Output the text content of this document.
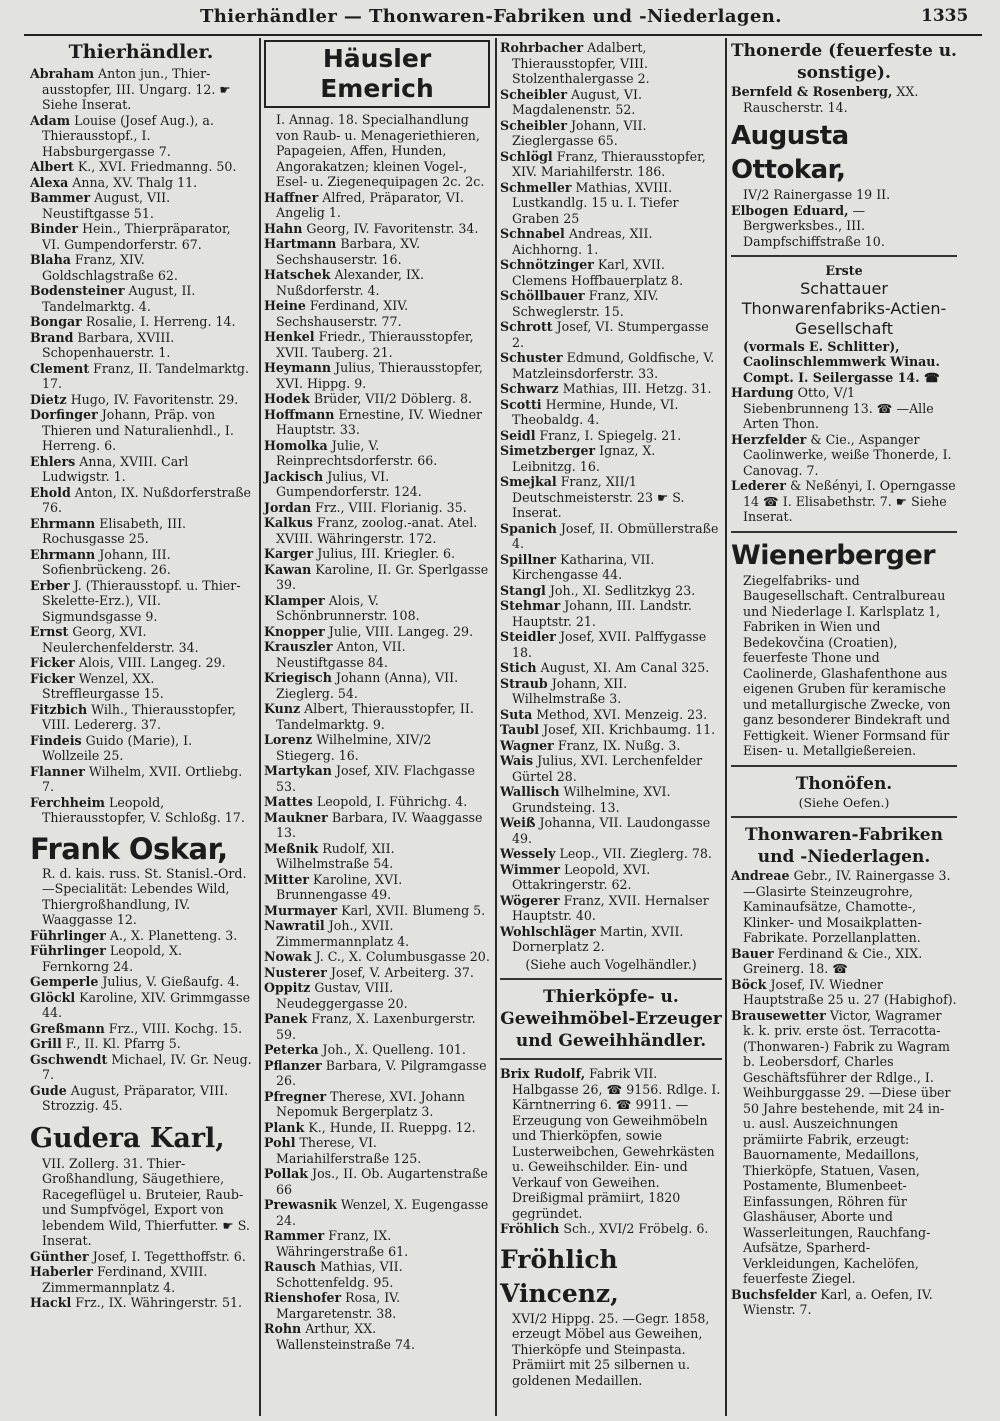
Thierhändler — Thonwaren-Fabriken und -Niederlagen.	1335
Thierhändler.

Abraham Anton jun., Thier-ausstopfer, III. Ungarg. 12. ☛ Siehe Inserat.

Adam Louise (Josef Aug.), a. Thierausstopf., I. Habsburgergasse 7.

Albert K., XVI. Friedmanng. 50.

Alexa Anna, XV. Thalg 11.

Bammer August, VII. Neustiftgasse 51.

Binder Hein., Thierpräparator, VI. Gumpendorferstr. 67.

Blaha Franz, XIV. Goldschlagstraße 62.

Bodensteiner August, II. Tandelmarktg. 4.

Bongar Rosalie, I. Herreng. 14.

Brand Barbara, XVIII. Schopenhauerstr. 1.

Clement Franz, II. Tandelmarktg. 17.

Dietz Hugo, IV. Favoritenstr. 29.

Dorfinger Johann, Präp. von Thieren und Naturalienhdl., I. Herreng. 6.

Ehlers Anna, XVIII. Carl Ludwigstr. 1.

Ehold Anton, IX. Nußdorferstraße 76.

Ehrmann Elisabeth, III. Rochusgasse 25.

Ehrmann Johann, III. Sofienbrückeng. 26.

Erber J. (Thierausstopf. u. Thier-Skelette-Erz.), VII. Sigmundsgasse 9.

Ernst Georg, XVI. Neulerchenfelderstr. 34.

Ficker Alois, VIII. Langeg. 29.

Ficker Wenzel, XX. Streffleurgasse 15.

Fitzbich Wilh., Thierausstopfer, VIII. Ledererg. 37.

Findeis Guido (Marie), I. Wollzeile 25.

Flanner Wilhelm, XVII. Ortliebg. 7.

Ferchheim Leopold, Thierausstopfer, V. Schloßg. 17.

Frank Oskar,
R. d. kais. russ. St. Stanisl.-Ord. —Specialität: Lebendes Wild, Thiergroßhandlung, IV. Waaggasse 12.

Führlinger A., X. Planetteng. 3.

Führlinger Leopold, X. Fernkorng 24.

Gemperle Julius, V. Gießaufg. 4.

Glöckl Karoline, XIV. Grimmgasse 44.

Greßmann Frz., VIII. Kochg. 15.

Grill F., II. Kl. Pfarrg 5.

Gschwendt Michael, IV. Gr. Neug. 7.

Gude August, Präparator, VIII. Strozzig. 45.

Gudera Karl,
VII. Zollerg. 31. Thier-Großhandlung, Säugethiere, Racegeflügel u. Bruteier, Raub- und Sumpfvögel, Export von lebendem Wild, Thierfutter. ☛ S. Inserat.

Günther Josef, I. Tegetthoffstr. 6.

Haberler Ferdinand, XVIII. Zimmermannplatz 4.

Hackl Frz., IX. Währingerstr. 51.

Häusler Emerich
I. Annag. 18. Specialhandlung von Raub- u. Menageriethieren, Papageien, Affen, Hunden, Angorakatzen; kleinen Vogel-, Esel- u. Ziegenequipagen 2c. 2c.

Haffner Alfred, Präparator, VI. Angelig 1.

Hahn Georg, IV. Favoritenstr. 34.

Hartmann Barbara, XV. Sechshauserstr. 16.

Hatschek Alexander, IX. Nußdorferstr. 4.

Heine Ferdinand, XIV. Sechshauserstr. 77.

Henkel Friedr., Thierausstopfer, XVII. Tauberg. 21.

Heymann Julius, Thierausstopfer, XVI. Hippg. 9.

Hodek Brüder, VII/2 Döblerg. 8.

Hoffmann Ernestine, IV. Wiedner Hauptstr. 33.

Homolka Julie, V. Reinprechtsdorferstr. 66.

Jackisch Julius, VI. Gumpendorferstr. 124.

Jordan Frz., VIII. Florianig. 35.

Kalkus Franz, zoolog.-anat. Atel. XVIII. Währingerstr. 172.

Karger Julius, III. Kriegler. 6.

Kawan Karoline, II. Gr. Sperlgasse 39.

Klamper Alois, V. Schönbrunnerstr. 108.

Knopper Julie, VIII. Langeg. 29.

Krauszler Anton, VII. Neustiftgasse 84.

Kriegisch Johann (Anna), VII. Zieglerg. 54.

Kunz Albert, Thierausstopfer, II. Tandelmarktg. 9.

Lorenz Wilhelmine, XIV/2 Stiegerg. 16.

Martykan Josef, XIV. Flachgasse 53.

Mattes Leopold, I. Führichg. 4.

Maukner Barbara, IV. Waaggasse 13.

Meßnik Rudolf, XII. Wilhelmstraße 54.

Mitter Karoline, XVI. Brunnengasse 49.

Murmayer Karl, XVII. Blumeng 5.

Nawratil Joh., XVII. Zimmermannplatz 4.

Nowak J. C., X. Columbusgasse 20.

Nusterer Josef, V. Arbeiterg. 37.

Oppitz Gustav, VIII. Neudeggergasse 20.

Panek Franz, X. Laxenburgerstr. 59.

Peterka Joh., X. Quelleng. 101.

Pflanzer Barbara, V. Pilgramgasse 26.

Pfregner Therese, XVI. Johann Nepomuk Bergerplatz 3.

Plank K., Hunde, II. Rueppg. 12.

Pohl Therese, VI. Mariahilferstraße 125.

Pollak Jos., II. Ob. Augartenstraße 66

Prewasnik Wenzel, X. Eugengasse 24.

Rammer Franz, IX. Währingerstraße 61.

Rausch Mathias, VII. Schottenfeldg. 95.

Rienshofer Rosa, IV. Margaretenstr. 38.

Rohn Arthur, XX. Wallensteinstraße 74.

Rohrbacher Adalbert, Thierausstopfer, VIII. Stolzenthalergasse 2.

Scheibler August, VI. Magdalenenstr. 52.

Scheibler Johann, VII. Zieglergasse 65.

Schlögl Franz, Thierausstopfer, XIV. Mariahilferstr. 186.

Schmeller Mathias, XVIII. Lustkandlg. 15 u. I. Tiefer Graben 25

Schnabel Andreas, XII. Aichhorng. 1.

Schnötzinger Karl, XVII. Clemens Hoffbauerplatz 8.

Schöllbauer Franz, XIV. Schweglerstr. 15.

Schrott Josef, VI. Stumpergasse 2.

Schuster Edmund, Goldfische, V. Matzleinsdorferstr. 33.

Schwarz Mathias, III. Hetzg. 31.

Scotti Hermine, Hunde, VI. Theobaldg. 4.

Seidl Franz, I. Spiegelg. 21.

Simetzberger Ignaz, X. Leibnitzg. 16.

Smejkal Franz, XII/1 Deutschmeisterstr. 23 ☛ S. Inserat.

Spanich Josef, II. Obmüllerstraße 4.

Spillner Katharina, VII. Kirchengasse 44.

Stangl Joh., XI. Sedlitzkyg 23.

Stehmar Johann, III. Landstr. Hauptstr. 21.

Steidler Josef, XVII. Palffygasse 18.

Stich August, XI. Am Canal 325.

Straub Johann, XII. Wilhelmstraße 3.

Suta Method, XVI. Menzeig. 23.

Taubl Josef, XII. Krichbaumg. 11.

Wagner Franz, IX. Nußg. 3.

Wais Julius, XVI. Lerchenfelder Gürtel 28.

Wallisch Wilhelmine, XVI. Grundsteing. 13.

Weiß Johanna, VII. Laudongasse 49.

Wessely Leop., VII. Zieglerg. 78.

Wimmer Leopold, XVI. Ottakringerstr. 62.

Wögerer Franz, XVII. Hernalser Hauptstr. 40.

Wohlschläger Martin, XVII. Dornerplatz 2.

(Siehe auch Vogelhändler.)
Thierköpfe- u. Geweihmöbel-Erzeuger und Geweihhändler.

Brix Rudolf, Fabrik VII. Halbgasse 26, ☎ 9156. Rdlge. I. Kärntnerring 6. ☎ 9911. —Erzeugung von Geweihmöbeln und Thierköpfen, sowie Lusterweibchen, Gewehrkästen u. Geweihschilder. Ein- und Verkauf von Geweihen. Dreißigmal prämiirt, 1820 gegründet.

Fröhlich Sch., XVI/2 Fröbelg. 6.

Fröhlich Vincenz,
XVI/2 Hippg. 25. —Gegr. 1858, erzeugt Möbel aus Geweihen, Thierköpfe und Steinpasta. Prämiirt mit 25 silbernen u. goldenen Medaillen.
Thonerde (feuerfeste u. sonstige).

Bernfeld & Rosenberg, XX. Rauscherstr. 14.

Augusta Ottokar,
IV/2 Rainergasse 19 II.

Elbogen Eduard, —Bergwerksbes., III. Dampfschiffstraße 10.

Erste
Schattauer Thonwarenfabriks-Actien-Gesellschaft
(vormals E. Schlitter), Caolinschlemmwerk Winau. Compt. I. Seilergasse 14. ☎

Hardung Otto, V/1 Siebenbrunneng 13. ☎ —Alle Arten Thon.

Herzfelder & Cie., Aspanger Caolinwerke, weiße Thonerde, I. Canovag. 7.

Lederer & Neßényi, I. Operngasse 14 ☎ I. Elisabethstr. 7. ☛ Siehe Inserat.

Wienerberger
Ziegelfabriks- und Baugesellschaft. Centralbureau und Niederlage I. Karlsplatz 1, Fabriken in Wien und Bedekovčina (Croatien), feuerfeste Thone und Caolinerde, Glashafenthone aus eigenen Gruben für keramische und metallurgische Zwecke, von ganz besonderer Bindekraft und Fettigkeit. Wiener Formsand für Eisen- u. Metallgießereien.
Thonöfen.
(Siehe Oefen.)
Thonwaren-Fabriken und -Niederlagen.

Andreae Gebr., IV. Rainergasse 3. —Glasirte Steinzeugrohre, Kaminaufsätze, Chamotte-, Klinker- und Mosaikplatten-Fabrikate. Porzellanplatten.

Bauer Ferdinand & Cie., XIX. Greinerg. 18. ☎

Böck Josef, IV. Wiedner Hauptstraße 25 u. 27 (Habighof).

Brausewetter Victor, Wagramer k. k. priv. erste öst. Terracotta- (Thonwaren-) Fabrik zu Wagram b. Leobersdorf, Charles Geschäftsführer der Rdlge., I. Weihburggasse 29. —Diese über 50 Jahre bestehende, mit 24 in- u. ausl. Auszeichnungen prämiirte Fabrik, erzeugt: Bauornamente, Medaillons, Thierköpfe, Statuen, Vasen, Postamente, Blumenbeet-Einfassungen, Röhren für Glashäuser, Aborte und Wasserleitungen, Rauchfang-Aufsätze, Sparherd-Verkleidungen, Kachelöfen, feuerfeste Ziegel.

Buchsfelder Karl, a. Oefen, IV. Wienstr. 7.
